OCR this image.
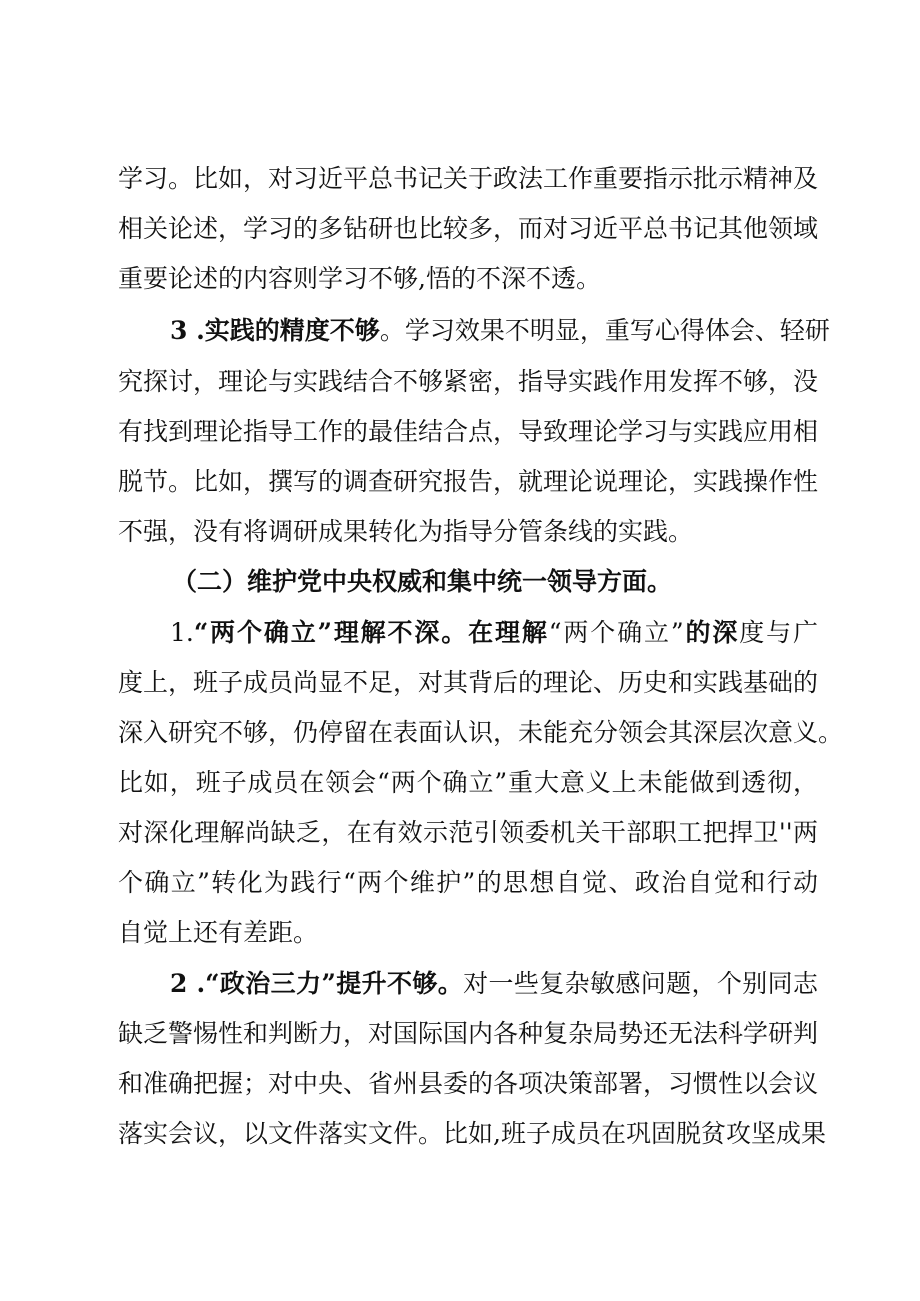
学习。比如，对习近平总书记关于政法工作重要指示批示精神及
相关论述，学习的多钻研也比较多，而对习近平总书记其他领域
重要论述的内容则学习不够,悟的不深不透。
3 .实践的精度不够。学习效果不明显，重写心得体会、轻研
究探讨，理论与实践结合不够紧密，指导实践作用发挥不够，没
有找到理论指导工作的最佳结合点，导致理论学习与实践应用相
脱节。比如，撰写的调查研究报告，就理论说理论，实践操作性
不强，没有将调研成果转化为指导分管条线的实践。
（二）维护党中央权威和集中统一领导方面。
1.“两个确立”理解不深。在理解“两个确立”的深度与广
度上，班子成员尚显不足，对其背后的理论、历史和实践基础的
深入研究不够，仍停留在表面认识，未能充分领会其深层次意义。
比如，班子成员在领会“两个确立”重大意义上未能做到透彻，
对深化理解尚缺乏，在有效示范引领委机关干部职工把捍卫''两
个确立”转化为践行“两个维护”的思想自觉、政治自觉和行动
自觉上还有差距。
2 .“政治三力”提升不够。对一些复杂敏感问题，个别同志
缺乏警惕性和判断力，对国际国内各种复杂局势还无法科学研判
和准确把握；对中央、省州县委的各项决策部署，习惯性以会议
落实会议，以文件落实文件。比如,班子成员在巩固脱贫攻坚成果
